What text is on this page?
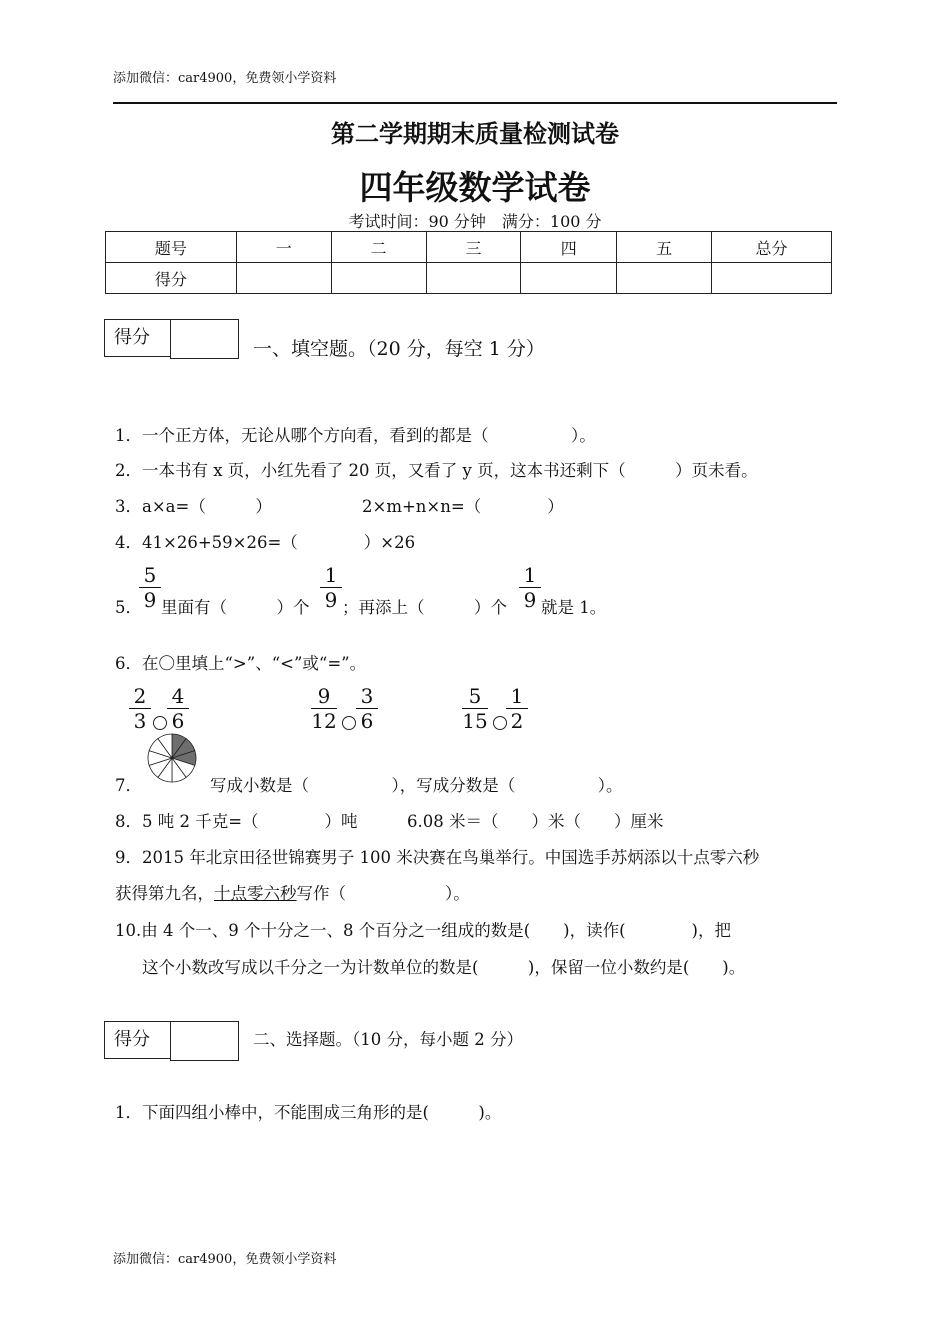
添加微信：car4900，免费领小学资料
第二学期期末质量检测试卷
四年级数学试卷
考试时间：90 分钟　满分：100 分
题号	一	二	三	四	五	总分
得分						
得分
一、填空题。（20 分，每空 1 分）
1．一个正方体，无论从哪个方向看，看到的都是（　　　　　）。
2．一本书有 x 页，小红先看了 20 页，又看了 y 页，这本书还剩下（　　　）页未看。
3．a×a=（　　　）	2×m+n×n=（　　　　）
4．41×26+59×26=（　　　　）×26
5．
$\frac{5}{9}$ 里面有（　　　）个 $\frac{1}{9}$ ；再添上（　　　）个 $\frac{1}{9}$ 就是 1。
6．在〇里填上“>”、“<”或“=”。
$\frac{2}{3} \frac{4}{6}$	$\frac{9}{12} \frac{3}{6}$	$\frac{5}{15} \frac{1}{2}$
7．	写成小数是（　　　　　），写成分数是（　　　　　）。
8．5 吨 2 千克=（　　　　）吨　　　6.08 米＝（　　）米（　　）厘米
9．2015 年北京田径世锦赛男子 100 米决赛在鸟巢举行。中国选手苏炳添以十点零六秒
获得第九名，十点零六秒写作（　　　　　　）。
10.由 4 个一、9 个十分之一、8 个百分之一组成的数是(　　)，读作(　　　　)，把
这个小数改写成以千分之一为计数单位的数是(　　　)，保留一位小数约是(　　)。
得分	二、选择题。（10 分，每小题 2 分）
1．下面四组小棒中，不能围成三角形的是(　　　)。
添加微信：car4900，免费领小学资料
